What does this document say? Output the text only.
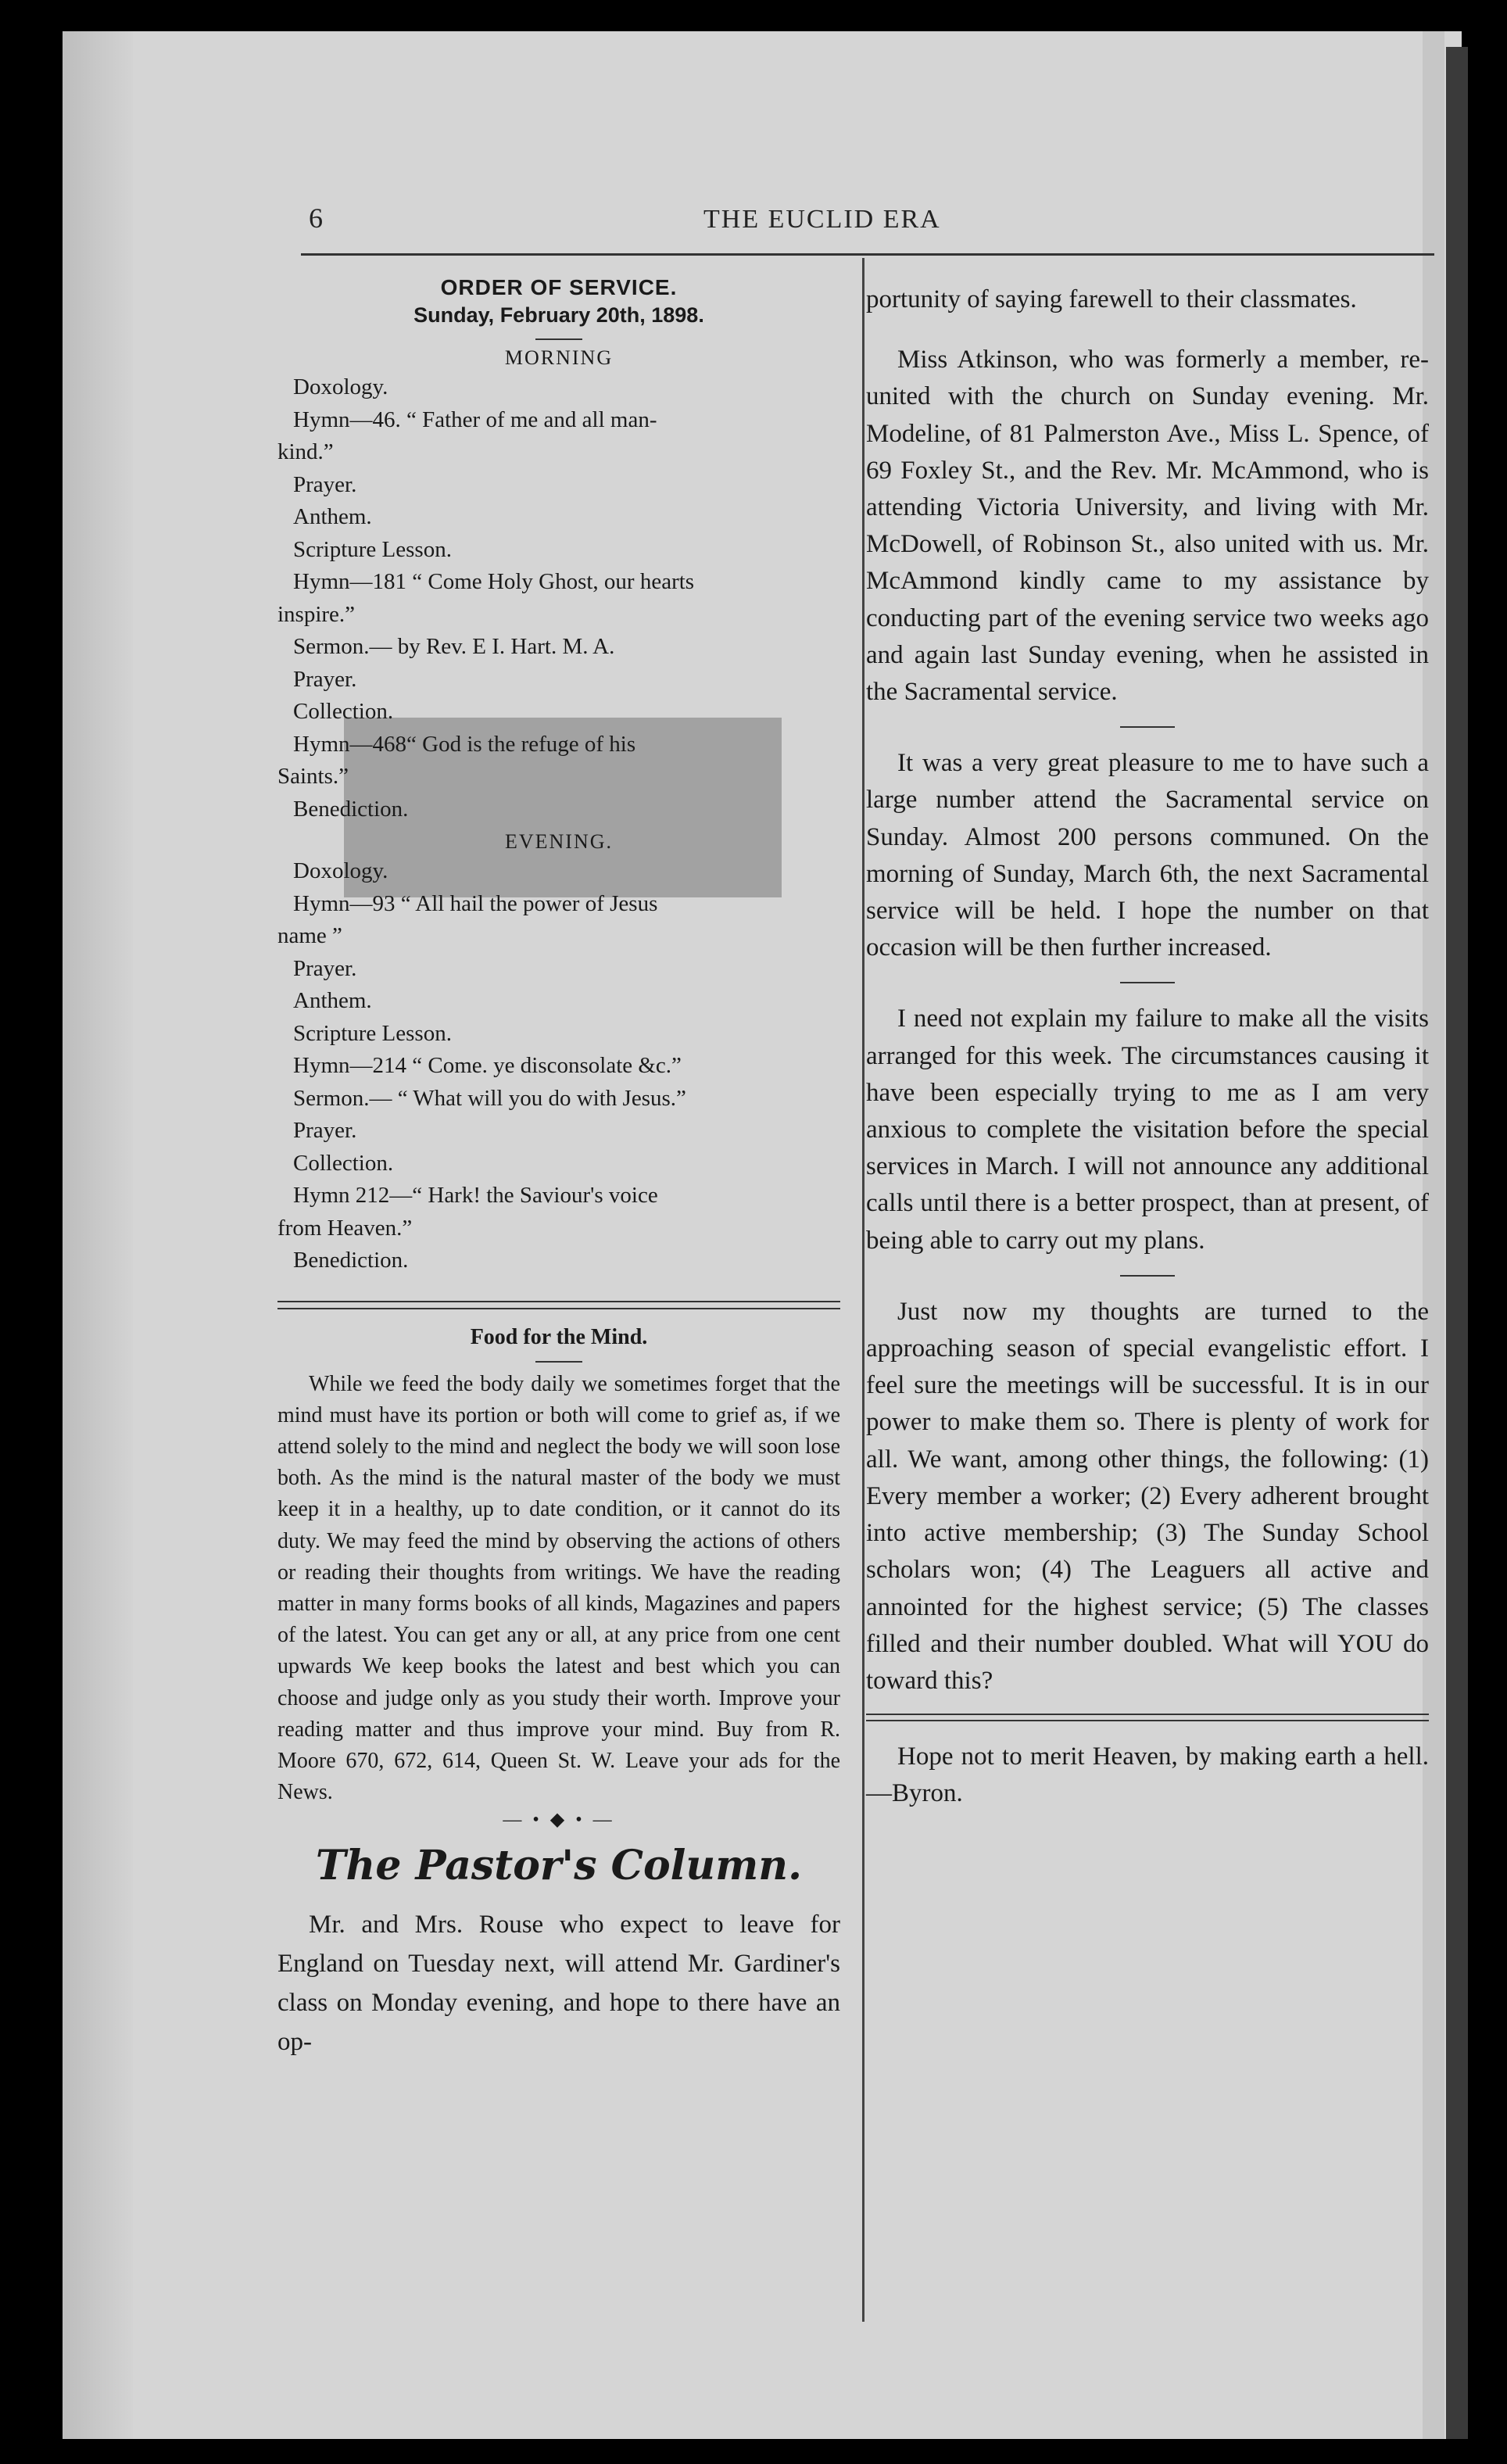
6	THE EUCLID ERA

ORDER OF SERVICE.

Sunday, February 20th, 1898.

MORNING

Doxology.
Hymn—46. “ Father of me and all man-
kind.”
Prayer.
Anthem.
Scripture Lesson.
Hymn—181 “ Come Holy Ghost, our hearts
inspire.”
Sermon.— by Rev. E I. Hart. M. A.
Prayer.
Collection.
Hymn—468“ God is the refuge of his
Saints.”
Benediction.

EVENING.

Doxology.
Hymn—93 “ All hail the power of Jesus
name ”
Prayer.
Anthem.
Scripture Lesson.
Hymn—214 “ Come. ye disconsolate &c.”
Sermon.— “ What will you do with Jesus.”
Prayer.
Collection.
Hymn 212—“ Hark! the Saviour's voice
from Heaven.”
Benediction.

Food for the Mind.

While we feed the body daily we sometimes forget that the mind must have its portion or both will come to grief as, if we attend solely to the mind and neglect the body we will soon lose both. As the mind is the natural master of the body we must keep it in a healthy, up to date condition, or it cannot do its duty. We may feed the mind by observing the actions of others or reading their thoughts from writings. We have the reading matter in many forms books of all kinds, Magazines and papers of the latest. You can get any or all, at any price from one cent upwards We keep books the latest and best which you can choose and judge only as you study their worth. Improve your reading matter and thus improve your mind. Buy from R. Moore 670, 672, 614, Queen St. W. Leave your ads for the News.

— • ◆ • —

The Pastor's Column.

Mr. and Mrs. Rouse who expect to leave for England on Tuesday next, will attend Mr. Gardiner's class on Monday evening, and hope to there have an op-

portunity of saying farewell to their classmates.

Miss Atkinson, who was formerly a member, re-united with the church on Sunday evening. Mr. Modeline, of 81 Palmerston Ave., Miss L. Spence, of 69 Foxley St., and the Rev. Mr. McAmmond, who is attending Victoria University, and living with Mr. McDowell, of Robinson St., also united with us. Mr. McAmmond kindly came to my assistance by conducting part of the evening service two weeks ago and again last Sunday evening, when he assisted in the Sacramental service.

It was a very great pleasure to me to have such a large number attend the Sacramental service on Sunday. Almost 200 persons communed. On the morning of Sunday, March 6th, the next Sacramental service will be held. I hope the number on that occasion will be then further increased.

I need not explain my failure to make all the visits arranged for this week. The circumstances causing it have been especially trying to me as I am very anxious to complete the visitation before the special services in March. I will not announce any additional calls until there is a better prospect, than at present, of being able to carry out my plans.

Just now my thoughts are turned to the approaching season of special evangelistic effort. I feel sure the meetings will be successful. It is in our power to make them so. There is plenty of work for all. We want, among other things, the following: (1) Every member a worker; (2) Every adherent brought into active membership; (3) The Sunday School scholars won; (4) The Leaguers all active and annointed for the highest service; (5) The classes filled and their number doubled. What will YOU do toward this?

Hope not to merit Heaven, by making earth a hell.—Byron.
